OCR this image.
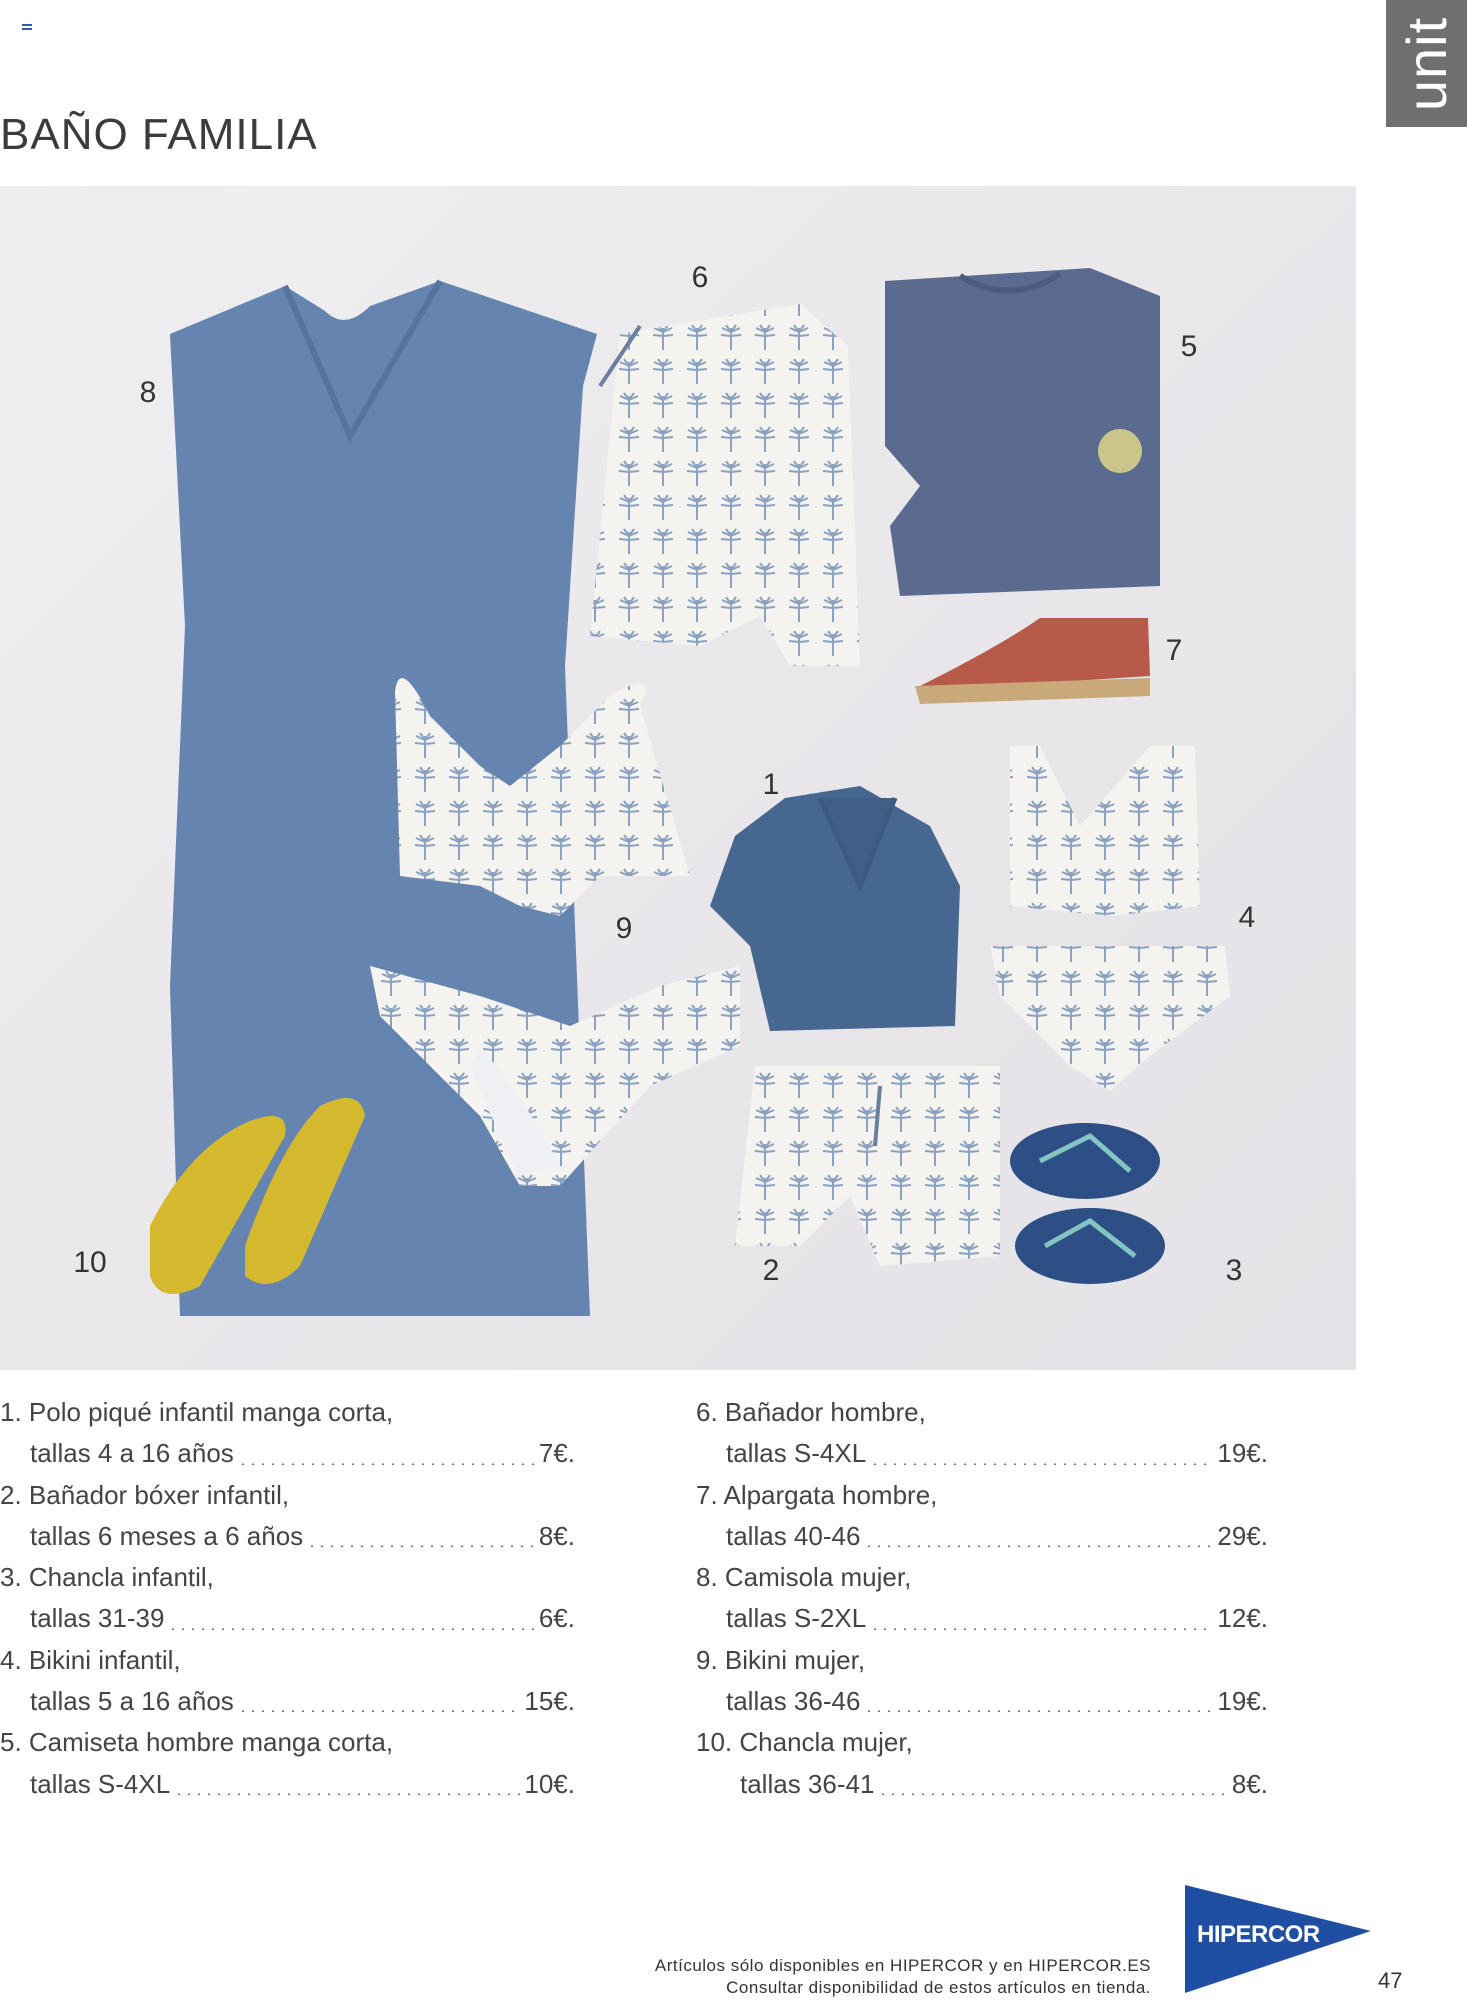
unit
BAÑO FAMILIA
8
6
5
7
1
9	4
10	2	3
1. Polo piqué infantil manga corta,
tallas 4 a 16 años	7€.
2. Bañador bóxer infantil,
tallas 6 meses a 6 años	8€.
3. Chancla infantil,
tallas 31-39	6€.
4. Bikini infantil,
tallas 5 a 16 años	15€.
5. Camiseta hombre manga corta,
tallas S-4XL	10€.
6. Bañador hombre,
tallas S-4XL	19€.
7. Alpargata hombre,
tallas 40-46	29€.
8. Camisola mujer,
tallas S-2XL	12€.
9. Bikini mujer,
tallas 36-46	19€.
10. Chancla mujer,
tallas 36-41	8€.
HIPERCOR
Artículos sólo disponibles en HIPERCOR y en HIPERCOR.ES
Consultar disponibilidad de estos artículos en tienda.	47
